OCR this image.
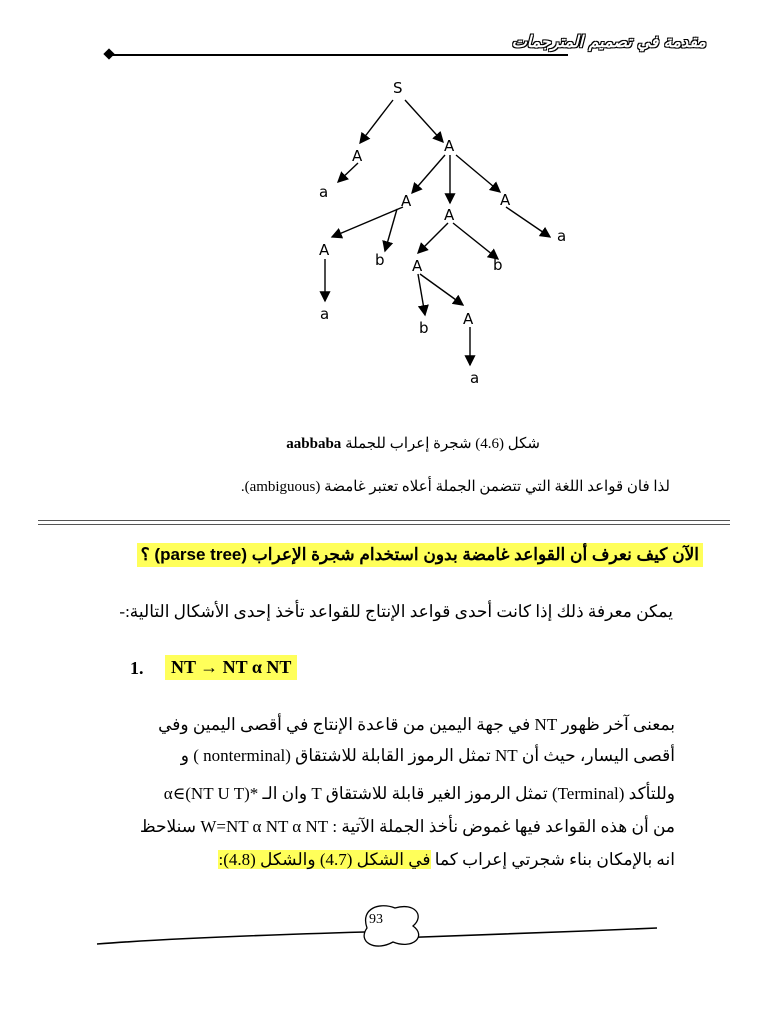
مقدمة في تصميم المترجمات
S
A
A
a	A
A
A
a
A
b A	b
a
b A
a
شكل (4.6) شجرة إعراب للجملة aabbaba
لذا فان قواعد اللغة التي تتضمن الجملة أعلاه تعتبر غامضة (ambiguous).
الآن كيف نعرف أن القواعد غامضة بدون استخدام شجرة الإعراب (parse tree) ؟
يمكن معرفة ذلك إذا كانت أحدى قواعد الإنتاج للقواعد تأخذ إحدى الأشكال التالية:-
1.	NT → NT α NT
بمعنى آخر ظهور NT في جهة اليمين من قاعدة الإنتاج في أقصى اليمين وفي
أقصى اليسار، حيث أن NT تمثل الرموز القابلة للاشتقاق (nonterminal ) و
α∈(NT U T)* وان الـ T تمثل الرموز الغير قابلة للاشتقاق (Terminal) وللتأكد
من أن هذه القواعد فيها غموض نأخذ الجملة الآتية : W=NT α NT α NT سنلاحظ
انه بالإمكان بناء شجرتي إعراب كما في الشكل (4.7) والشكل (4.8):
93
